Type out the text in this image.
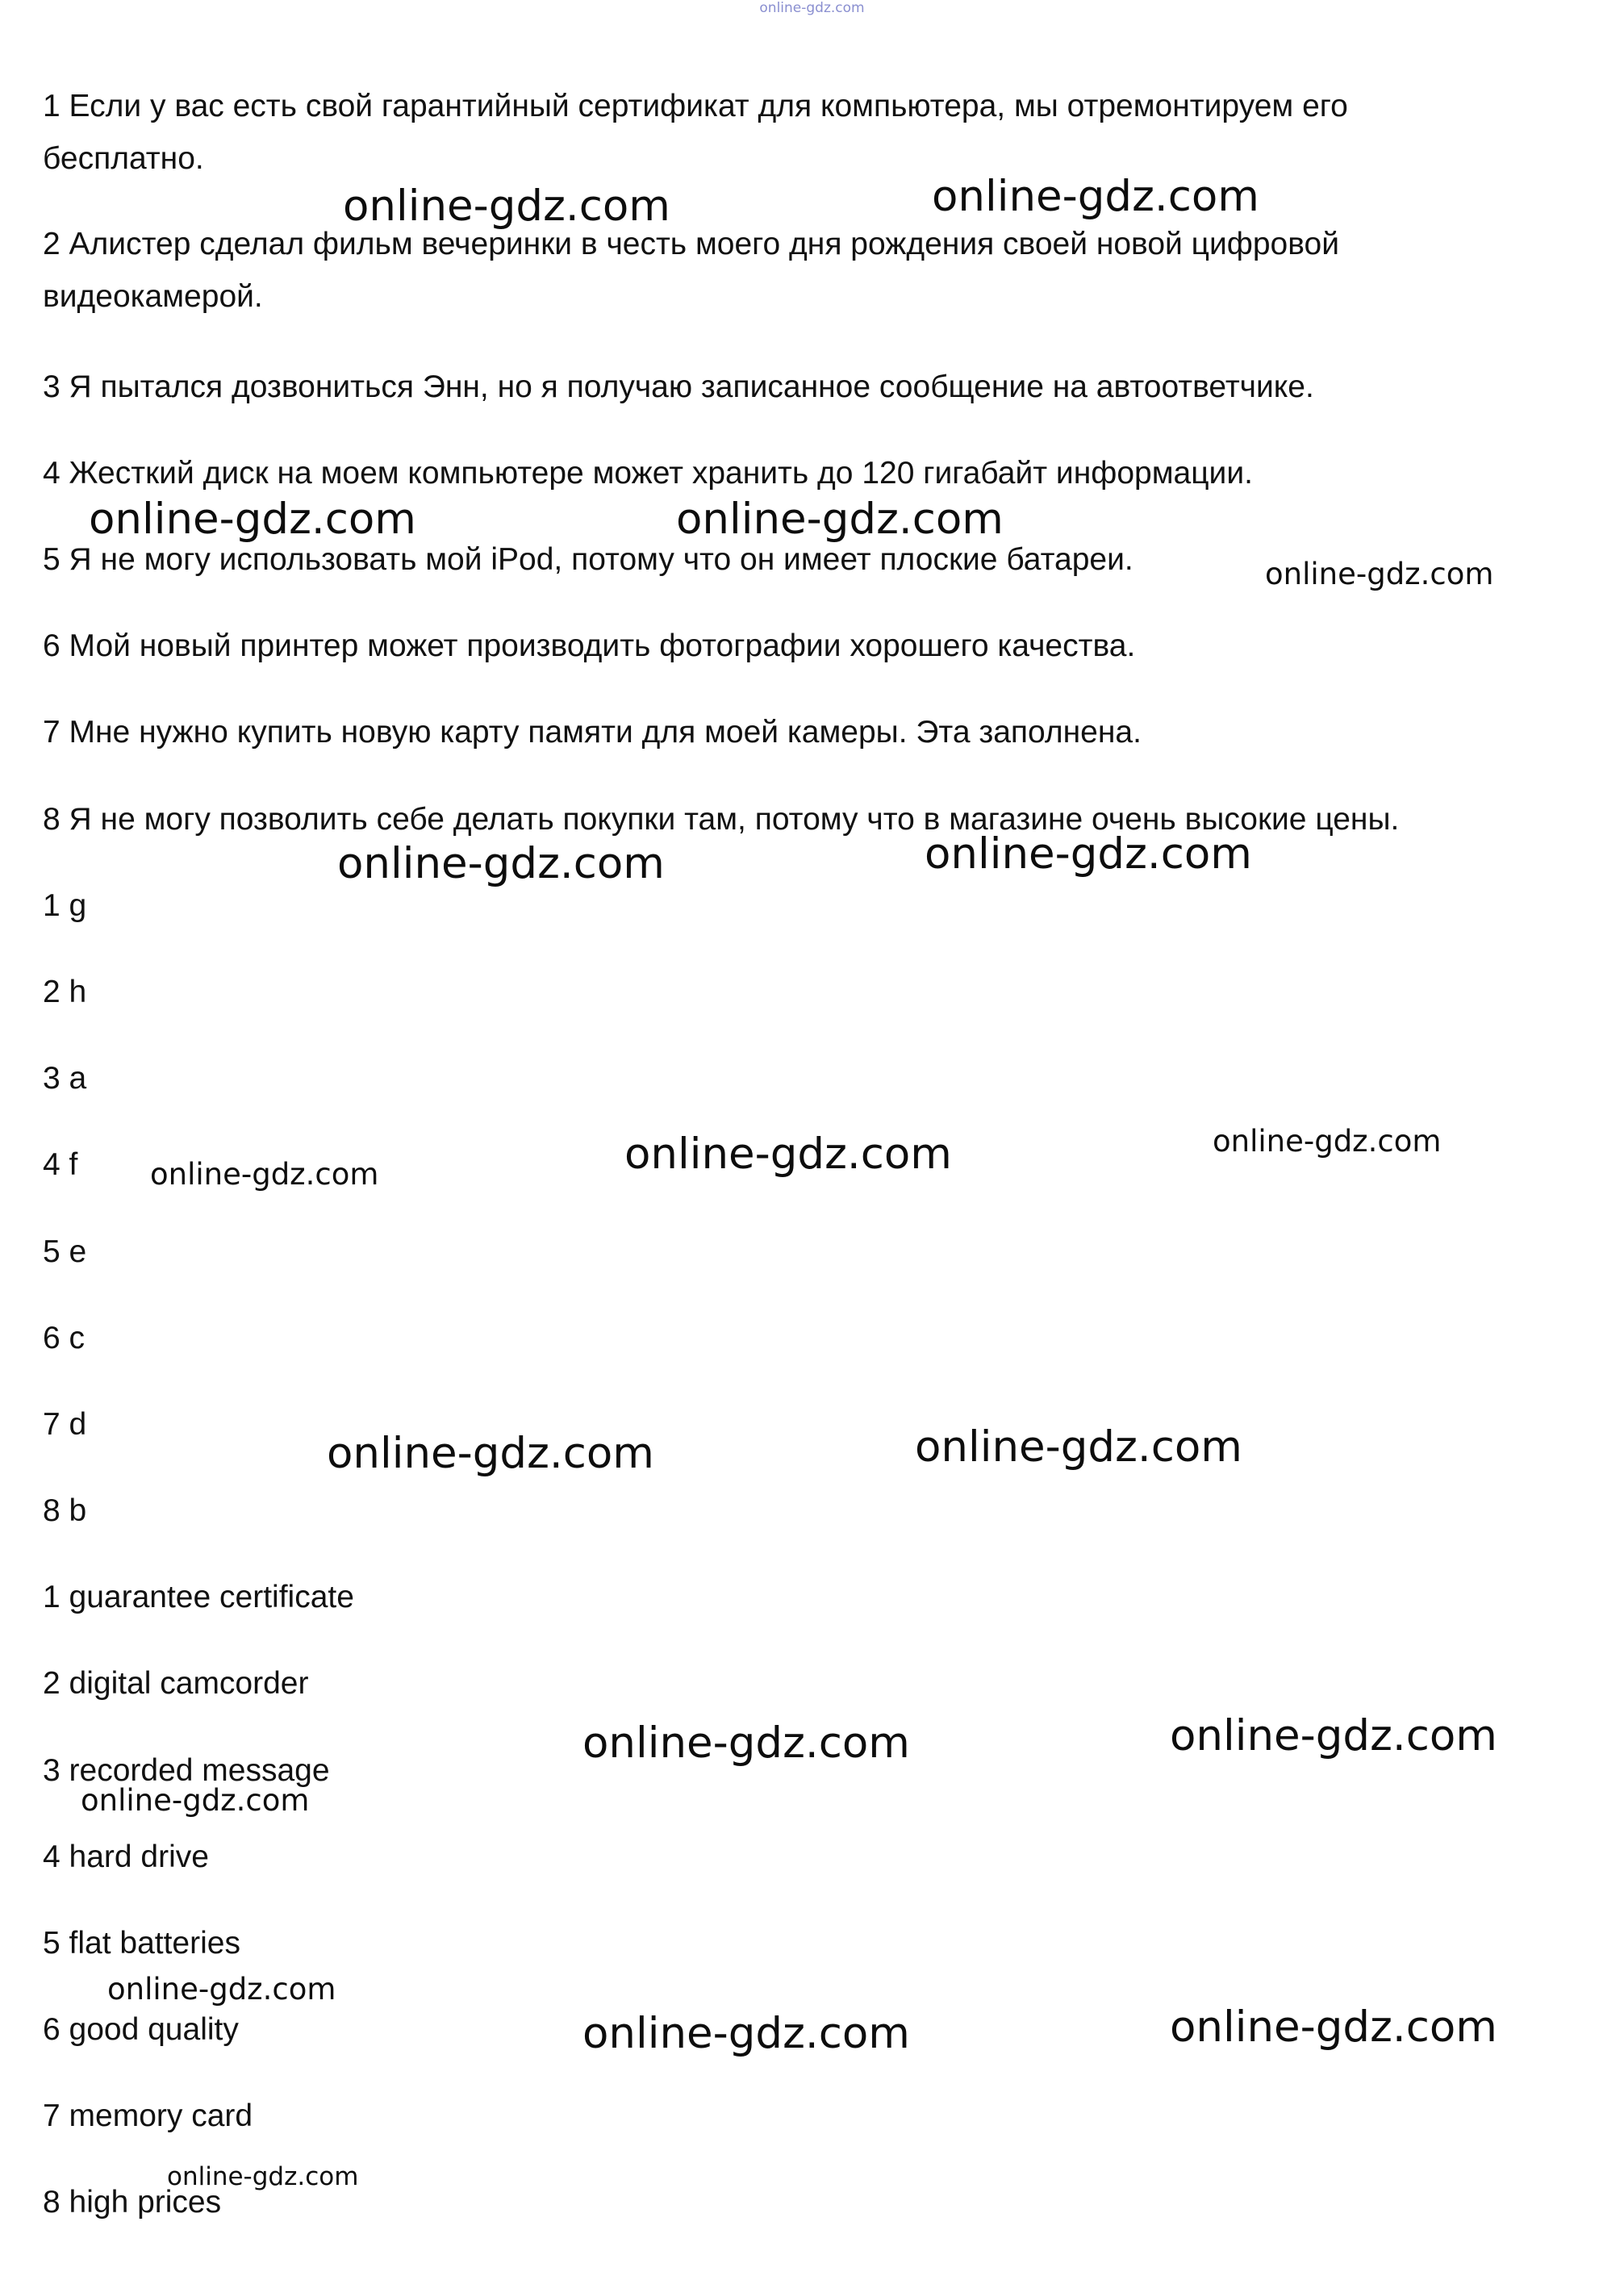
online-gdz.com
1 Если у вас есть свой гарантийный сертификат для компьютера, мы отремонтируем его
бесплатно.
2 Алистер сделал фильм вечеринки в честь моего дня рождения своей новой цифровой
видеокамерой.
3 Я пытался дозвониться Энн, но я получаю записанное сообщение на автоответчике.
4 Жесткий диск на моем компьютере может хранить до 120 гигабайт информации.
5 Я не могу использовать мой iPod, потому что он имеет плоские батареи.
6 Мой новый принтер может производить фотографии хорошего качества.
7 Мне нужно купить новую карту памяти для моей камеры. Эта заполнена.
8 Я не могу позволить себе делать покупки там, потому что в магазине очень высокие цены.
1 g
2 h
3 a
4 f
5 e
6 c
7 d
8 b
1 guarantee certificate
2 digital camcorder
3 recorded message
4 hard drive
5 flat batteries
6 good quality
7 memory card
8 high prices
online-gdz.com	online-gdz.com
online-gdz.com	online-gdz.com
online-gdz.com
online-gdz.com	online-gdz.com
online-gdz.com	online-gdz.com	online-gdz.com
online-gdz.com	online-gdz.com
online-gdz.com	online-gdz.com
online-gdz.com
online-gdz.com
online-gdz.com	online-gdz.com
online-gdz.com
